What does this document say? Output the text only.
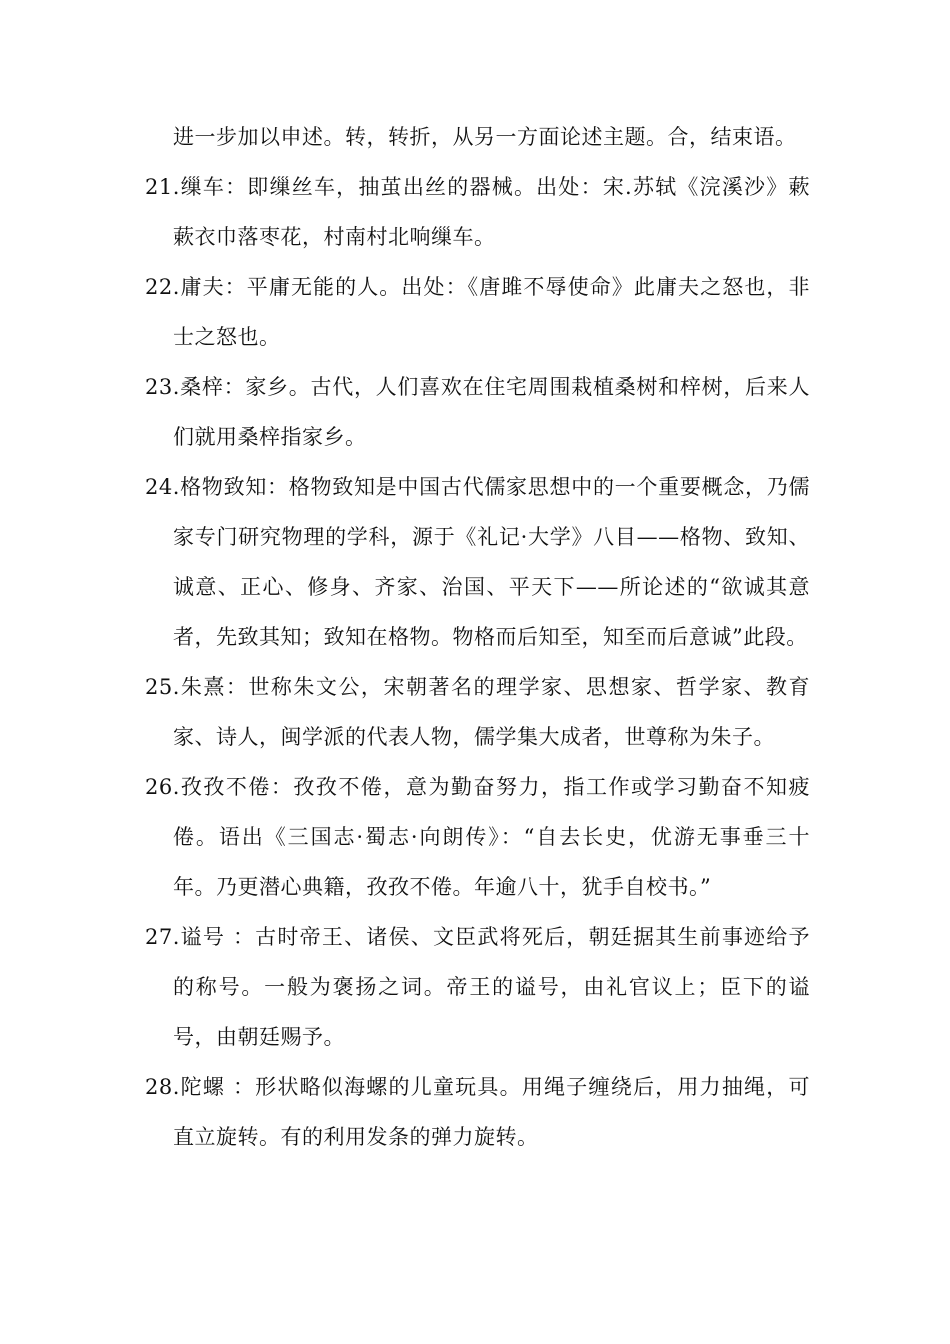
进一步加以申述。转，转折，从另一方面论述主题。合，结束语。
21.缫车：即缫丝车，抽茧出丝的器械。出处：宋.苏轼《浣溪沙》蔌蔌衣巾落枣花，村南村北响缫车。
22.庸夫：平庸无能的人。出处：《唐雎不辱使命》此庸夫之怒也，非士之怒也。
23.桑梓：家乡。古代，人们喜欢在住宅周围栽植桑树和梓树，后来人们就用桑梓指家乡。
24.格物致知：格物致知是中国古代儒家思想中的一个重要概念，乃儒家专门研究物理的学科，源于《礼记·大学》八目——格物、致知、诚意、正心、修身、齐家、治国、平天下——所论述的“欲诚其意者，先致其知；致知在格物。物格而后知至，知至而后意诚”此段。
25.朱熹：世称朱文公，宋朝著名的理学家、思想家、哲学家、教育家、诗人，闽学派的代表人物，儒学集大成者，世尊称为朱子。
26.孜孜不倦：孜孜不倦，意为勤奋努力，指工作或学习勤奋不知疲倦。语出《三国志·蜀志·向朗传》：“自去长史，优游无事垂三十年。乃更潜心典籍，孜孜不倦。年逾八十，犹手自校书。”
27.谥号 ：古时帝王、诸侯、文臣武将死后，朝廷据其生前事迹给予的称号。一般为褒扬之词。帝王的谥号，由礼官议上；臣下的谥号，由朝廷赐予。
28.陀螺 ：形状略似海螺的儿童玩具。用绳子缠绕后，用力抽绳，可直立旋转。有的利用发条的弹力旋转。
